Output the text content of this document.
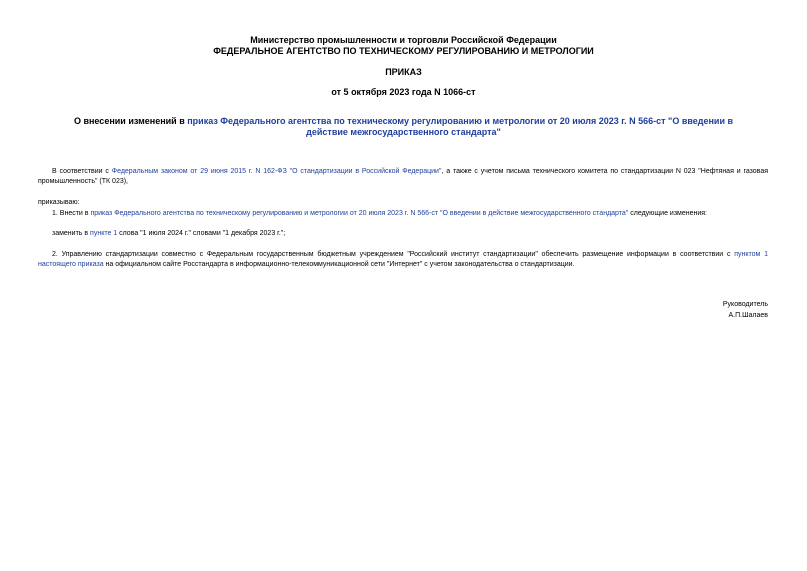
Министерство промышленности и торговли Российской Федерации
ФЕДЕРАЛЬНОЕ АГЕНТСТВО ПО ТЕХНИЧЕСКОМУ РЕГУЛИРОВАНИЮ И МЕТРОЛОГИИ
ПРИКАЗ
от 5 октября 2023 года N 1066-ст
О внесении изменений в приказ Федерального агентства по техническому регулированию и метрологии от 20 июля 2023 г. N 566-ст "О введении в действие межгосударственного стандарта"
В соответствии с Федеральным законом от 29 июня 2015 г. N 162-ФЗ "О стандартизации в Российской Федерации", а также с учетом письма технического комитета по стандартизации N 023 "Нефтяная и газовая промышленность" (ТК 023),
приказываю:
1. Внести в приказ Федерального агентства по техническому регулированию и метрологии от 20 июля 2023 г. N 566-ст "О введении в действие межгосударственного стандарта" следующие изменения:
заменить в пункте 1 слова "1 июля 2024 г." словами "1 декабря 2023 г.";
2. Управлению стандартизации совместно с Федеральным государственным бюджетным учреждением "Российский институт стандартизации" обеспечить размещение информации в соответствии с пунктом 1 настоящего приказа на официальном сайте Росстандарта в информационно-телекоммуникационной сети "Интернет" с учетом законодательства о стандартизации.
Руководитель
А.П.Шалаев
